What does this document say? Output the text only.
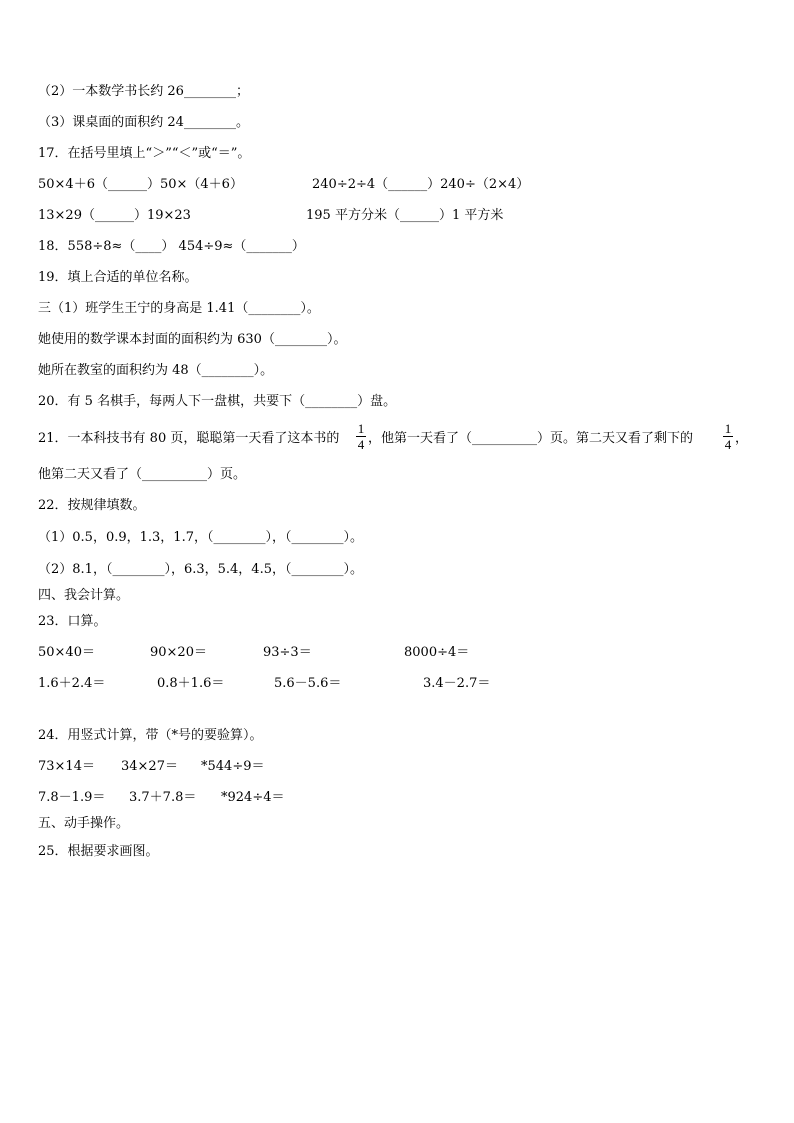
（2）一本数学书长约 26________；
（3）课桌面的面积约 24________。
17．在括号里填上“＞”“＜”或“＝”。
50×4＋6（______）50×（4＋6）	240÷2÷4（______）240÷（2×4）
13×29（______）19×23	195 平方分米（______）1 平方米
18．558÷8≈（____） 454÷9≈（_______）
19．填上合适的单位名称。
三（1）班学生王宁的身高是 1.41（________）。
她使用的数学课本封面的面积约为 630（________）。
她所在教室的面积约为 48（________）。
20．有 5 名棋手，每两人下一盘棋，共要下（________）盘。
21．一本科技书有 80 页，聪聪第一天看了这本书的
1
4 ，他第一天看了（__________）页。第二天又看了剩下的
1
4 ，
他第二天又看了（__________）页。
22．按规律填数。
（1）0.5，0.9，1.3，1.7，（________），（________）。
（2）8.1，（________），6.3，5.4，4.5，（________）。
四、我会计算。
23．口算。
50×40＝	90×20＝	93÷3＝	8000÷4＝
1.6＋2.4＝	0.8＋1.6＝	5.6－5.6＝	3.4－2.7＝
24．用竖式计算，带（*号的要验算）。
73×14＝ 34×27＝ *544÷9＝
7.8－1.9＝ 3.7＋7.8＝ *924÷4＝
五、动手操作。
25．根据要求画图。
